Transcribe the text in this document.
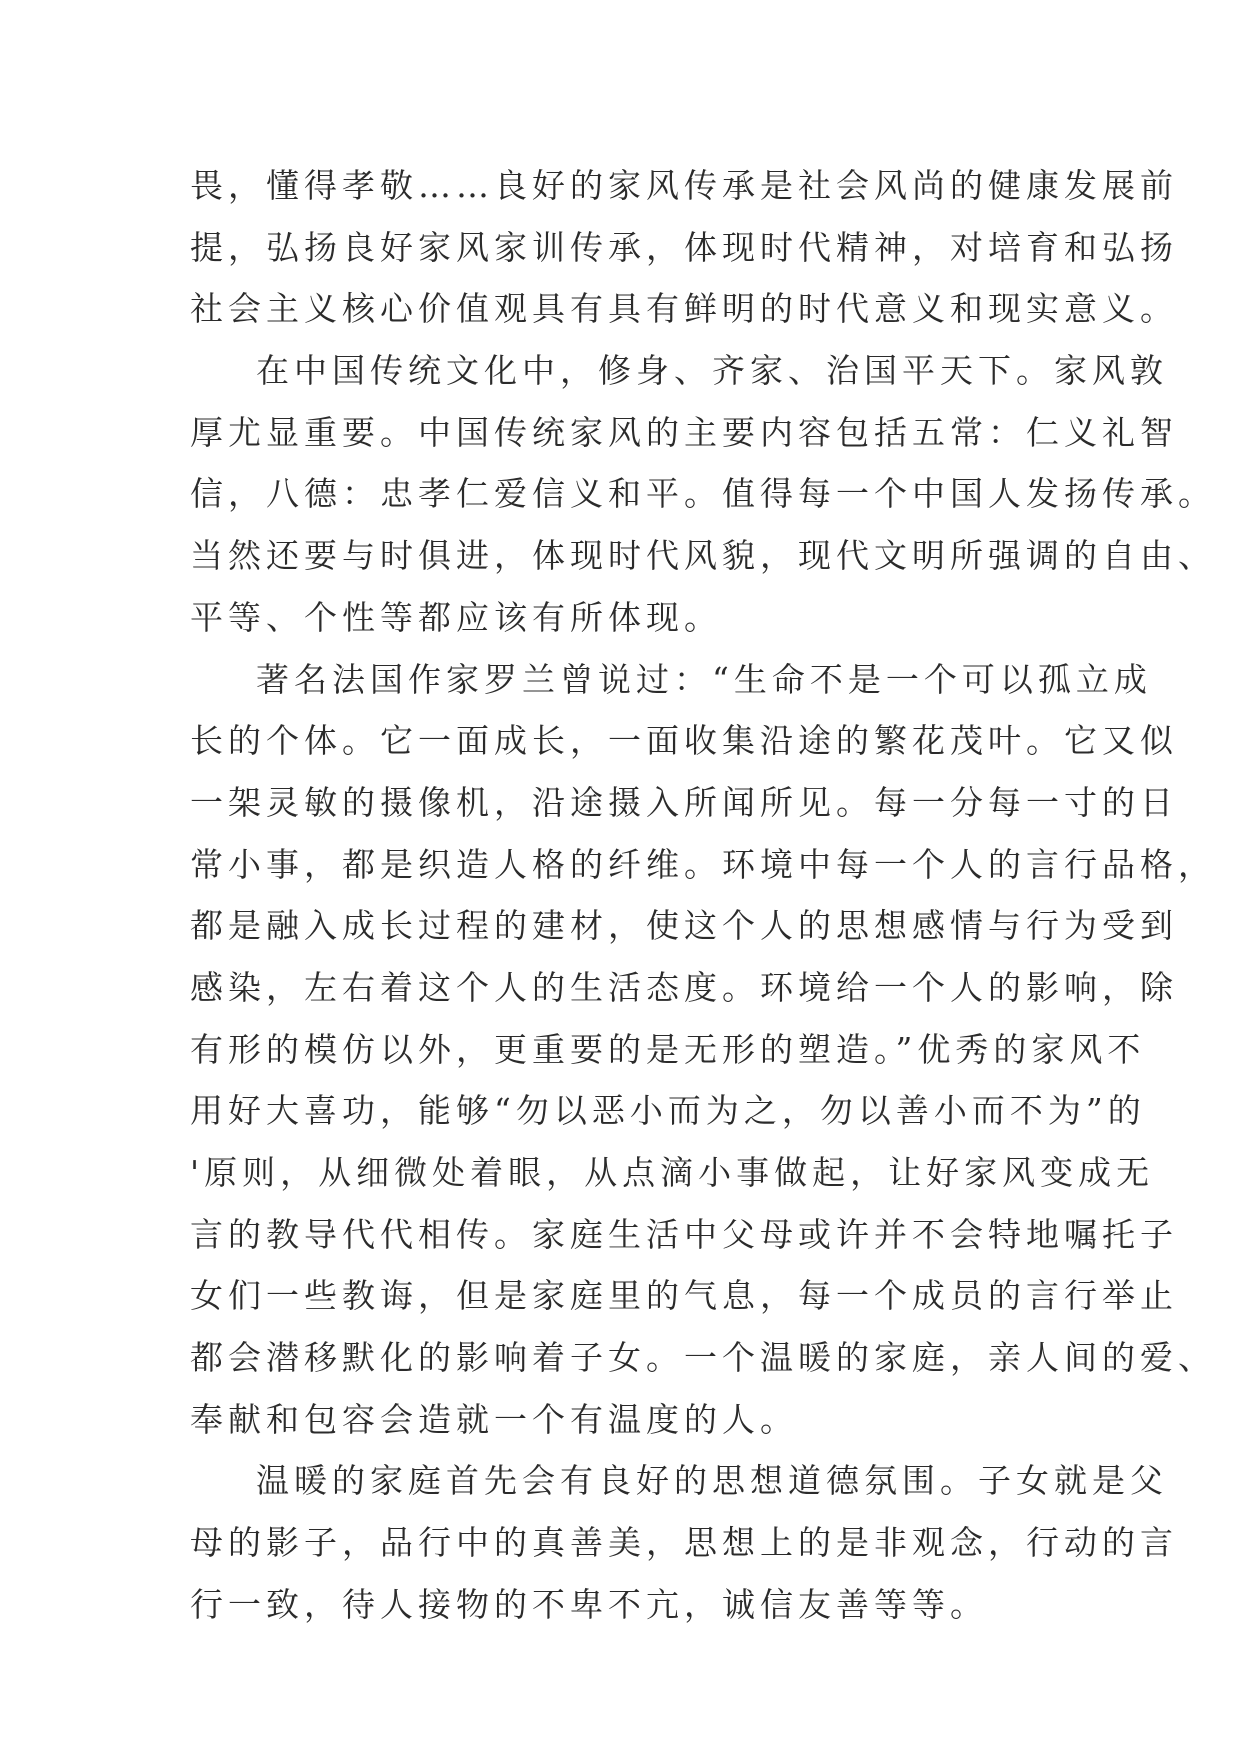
畏，懂得孝敬……良好的家风传承是社会风尚的健康发展前
提，弘扬良好家风家训传承，体现时代精神，对培育和弘扬
社会主义核心价值观具有具有鲜明的时代意义和现实意义。
在中国传统文化中，修身、齐家、治国平天下。家风敦
厚尤显重要。中国传统家风的主要内容包括五常：仁义礼智
信，八德：忠孝仁爱信义和平。值得每一个中国人发扬传承。
当然还要与时俱进，体现时代风貌，现代文明所强调的自由、
平等、个性等都应该有所体现。
著名法国作家罗兰曾说过：“生命不是一个可以孤立成
长的个体。它一面成长，一面收集沿途的繁花茂叶。它又似
一架灵敏的摄像机，沿途摄入所闻所见。每一分每一寸的日
常小事，都是织造人格的纤维。环境中每一个人的言行品格，
都是融入成长过程的建材，使这个人的思想感情与行为受到
感染，左右着这个人的生活态度。环境给一个人的影响，除
有形的模仿以外，更重要的是无形的塑造。”优秀的家风不
用好大喜功，能够“勿以恶小而为之，勿以善小而不为”的
'原则，从细微处着眼，从点滴小事做起，让好家风变成无
言的教导代代相传。家庭生活中父母或许并不会特地嘱托子
女们一些教诲，但是家庭里的气息，每一个成员的言行举止
都会潜移默化的影响着子女。一个温暖的家庭，亲人间的爱、
奉献和包容会造就一个有温度的人。
温暖的家庭首先会有良好的思想道德氛围。子女就是父
母的影子，品行中的真善美，思想上的是非观念，行动的言
行一致，待人接物的不卑不亢，诚信友善等等。
